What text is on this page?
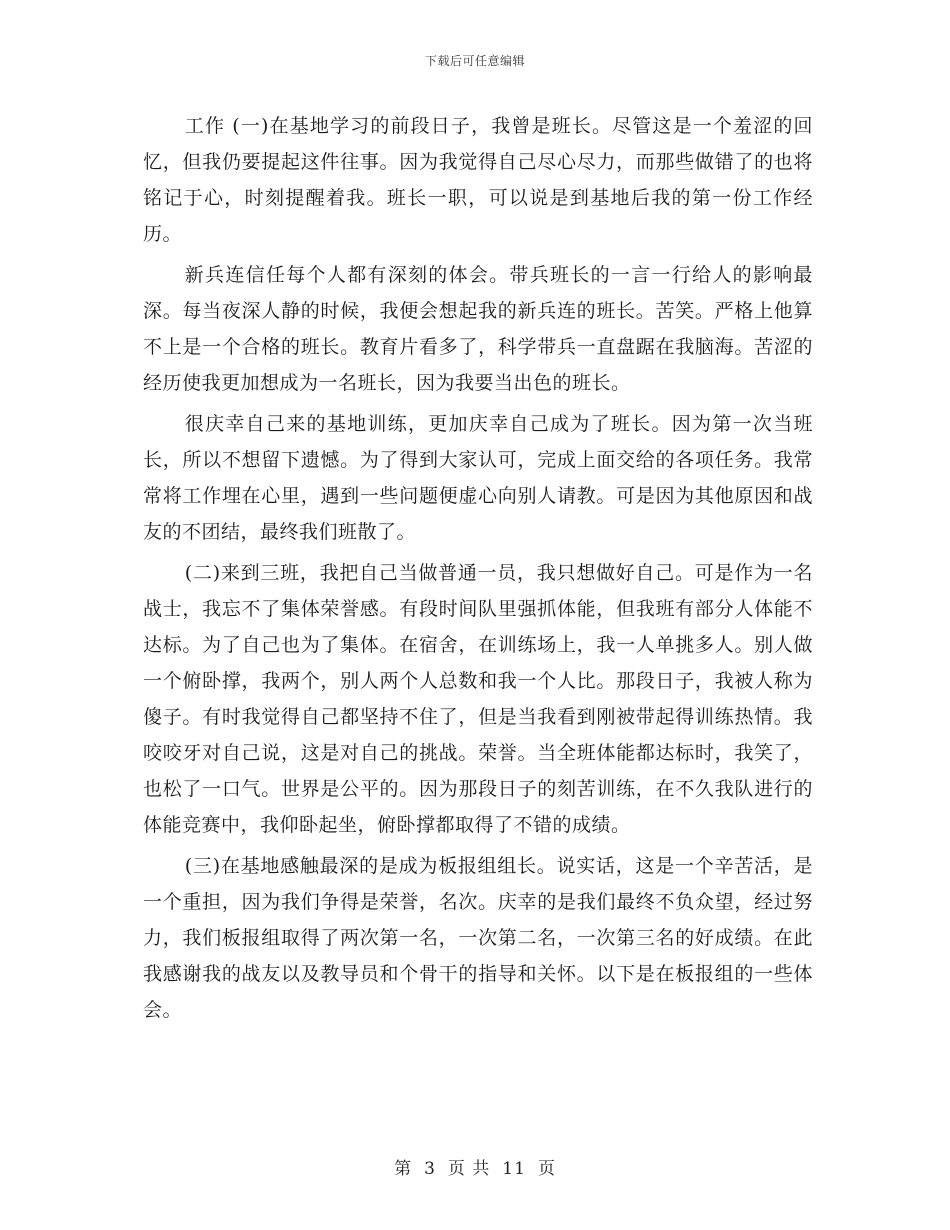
下载后可任意编辑

工作 (一)在基地学习的前段日子，我曾是班长。尽管这是一个羞涩的回忆，但我仍要提起这件往事。因为我觉得自己尽心尽力，而那些做错了的也将铭记于心，时刻提醒着我。班长一职，可以说是到基地后我的第一份工作经历。

新兵连信任每个人都有深刻的体会。带兵班长的一言一行给人的影响最深。每当夜深人静的时候，我便会想起我的新兵连的班长。苦笑。严格上他算不上是一个合格的班长。教育片看多了，科学带兵一直盘踞在我脑海。苦涩的经历使我更加想成为一名班长，因为我要当出色的班长。

很庆幸自己来的基地训练，更加庆幸自己成为了班长。因为第一次当班长，所以不想留下遗憾。为了得到大家认可，完成上面交给的各项任务。我常常将工作埋在心里，遇到一些问题便虚心向别人请教。可是因为其他原因和战友的不团结，最终我们班散了。

(二)来到三班，我把自己当做普通一员，我只想做好自己。可是作为一名战士，我忘不了集体荣誉感。有段时间队里强抓体能，但我班有部分人体能不达标。为了自己也为了集体。在宿舍，在训练场上，我一人单挑多人。别人做一个俯卧撑，我两个，别人两个人总数和我一个人比。那段日子，我被人称为傻子。有时我觉得自己都坚持不住了，但是当我看到刚被带起得训练热情。我咬咬牙对自己说，这是对自己的挑战。荣誉。当全班体能都达标时，我笑了，也松了一口气。世界是公平的。因为那段日子的刻苦训练，在不久我队进行的体能竞赛中，我仰卧起坐，俯卧撑都取得了不错的成绩。

(三)在基地感触最深的是成为板报组组长。说实话，这是一个辛苦活，是一个重担，因为我们争得是荣誉，名次。庆幸的是我们最终不负众望，经过努力，我们板报组取得了两次第一名，一次第二名，一次第三名的好成绩。在此我感谢我的战友以及教导员和个骨干的指导和关怀。以下是在板报组的一些体会。

第 3 页 共 11 页
